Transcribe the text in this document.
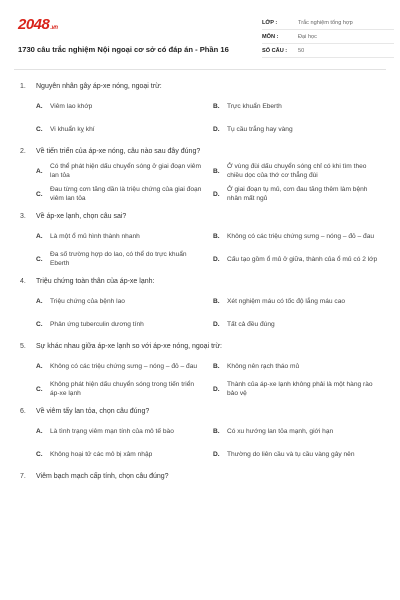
2048.vn
1730 câu trắc nghiệm Nội ngoại cơ sở có đáp án - Phần 16
LỚP :	Trắc nghiệm tổng hợp
MÔN :	Đại học
SỐ CÂU :	50
1.	Nguyên nhân gây áp-xe nóng, ngoại trừ:
A.	Viêm lao khớp	B.	Trực khuẩn Eberth
C.	Vi khuẩn kỵ khí	D.	Tụ cầu trắng hay vàng
2.	Về tiến triển của áp-xe nóng, câu nào sau đây đúng?
A.
Có thể phát hiện dấu chuyển sóng ở giai đoạn viêm lan tỏa
B.
Ở vùng đùi dấu chuyển sóng chỉ có khi tìm theo chiều dọc của thớ cơ thẳng đùi
C.
Đau từng cơn tăng dần là triệu chứng của giai đoạn viêm lan tỏa
D.
Ở giai đoạn tụ mủ, cơn đau tăng thêm làm bệnh nhân mất ngủ
3.	Về áp-xe lạnh, chọn câu sai?
A.	Là một ổ mủ hình thành nhanh	B.	Không có các triệu chứng sưng – nóng – đỏ – đau
C.
Đa số trường hợp do lao, có thể do trực khuẩn Eberth
D.	Cấu tạo gồm ổ mủ ở giữa, thành của ổ mủ có 2 lớp
4.	Triệu chứng toàn thân của áp-xe lạnh:
A.	Triệu chứng của bệnh lao	B.	Xét nghiệm máu có tốc độ lắng máu cao
C.	Phản ứng tuberculin dương tính	D.	Tất cả đều đúng
5.	Sự khác nhau giữa áp-xe lạnh so với áp-xe nóng, ngoại trừ:
A.	Không có các triệu chứng sưng – nóng – đỏ – đau	B.	Không nên rạch tháo mủ
C.
Không phát hiện dấu chuyển sóng trong tiến triển áp-xe lạnh
D.
Thành của áp-xe lạnh không phải là một hàng rào bảo vệ
6.	Về viêm tấy lan tỏa, chọn câu đúng?
A.	Là tình trạng viêm mạn tính của mô tế bào	B.	Có xu hướng lan tỏa mạnh, giới hạn
C.	Không hoại tử các mô bị xâm nhập	D.	Thường do liên cầu và tụ cầu vàng gây nên
7.	Viêm bạch mạch cấp tính, chọn câu đúng?
